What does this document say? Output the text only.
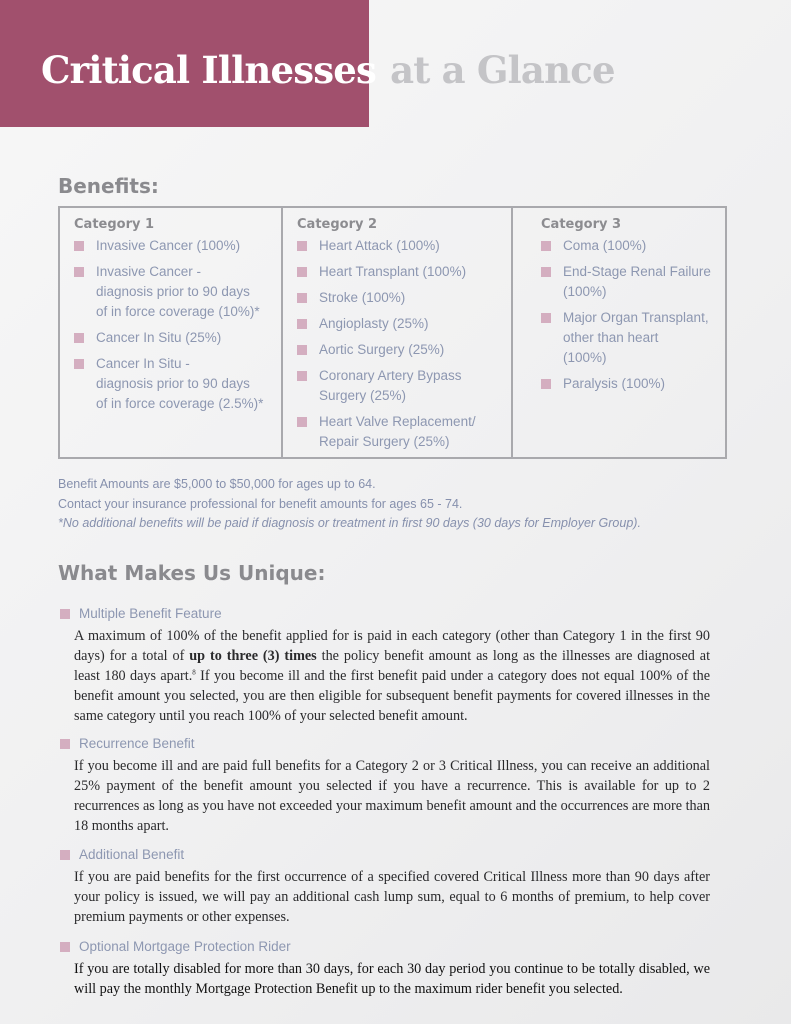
Critical Illnesses at a Glance
Benefits:
Category 1
Invasive Cancer (100%)
Invasive Cancer -
diagnosis prior to 90 days
of in force coverage (10%)*
Cancer In Situ (25%)
Cancer In Situ -
diagnosis prior to 90 days
of in force coverage (2.5%)*
Category 2
Heart Attack (100%)
Heart Transplant (100%)
Stroke (100%)
Angioplasty (25%)
Aortic Surgery (25%)
Coronary Artery Bypass
Surgery (25%)
Heart Valve Replacement/
Repair Surgery (25%)
Category 3
Coma (100%)
End-Stage Renal Failure
(100%)
Major Organ Transplant,
other than heart
(100%)
Paralysis (100%)

Benefit Amounts are $5,000 to $50,000 for ages up to 64.

Contact your insurance professional for benefit amounts for ages 65 - 74.

*No additional benefits will be paid if diagnosis or treatment in first 90 days (30 days for Employer Group).

What Makes Us Unique:
Multiple Benefit Feature

A maximum of 100% of the benefit applied for is paid in each category (other than Category 1 in the first 90 days) for a total of up to three (3) times the policy benefit amount as long as the illnesses are diagnosed at least 180 days apart.$^8$ If you become ill and the first benefit paid under a category does not equal 100% of the benefit amount you selected, you are then eligible for subsequent benefit payments for covered illnesses in the same category until you reach 100% of your selected benefit amount.

Recurrence Benefit

If you become ill and are paid full benefits for a Category 2 or 3 Critical Illness, you can receive an additional 25% payment of the benefit amount you selected if you have a recurrence. This is available for up to 2 recurrences as long as you have not exceeded your maximum benefit amount and the occurrences are more than 18 months apart.

Additional Benefit

If you are paid benefits for the first occurrence of a specified covered Critical Illness more than 90 days after your policy is issued, we will pay an additional cash lump sum, equal to 6 months of premium, to help cover premium payments or other expenses.

Optional Mortgage Protection Rider

If you are totally disabled for more than 30 days, for each 30 day period you continue to be totally disabled, we will pay the monthly Mortgage Protection Benefit up to the maximum rider benefit you selected.
